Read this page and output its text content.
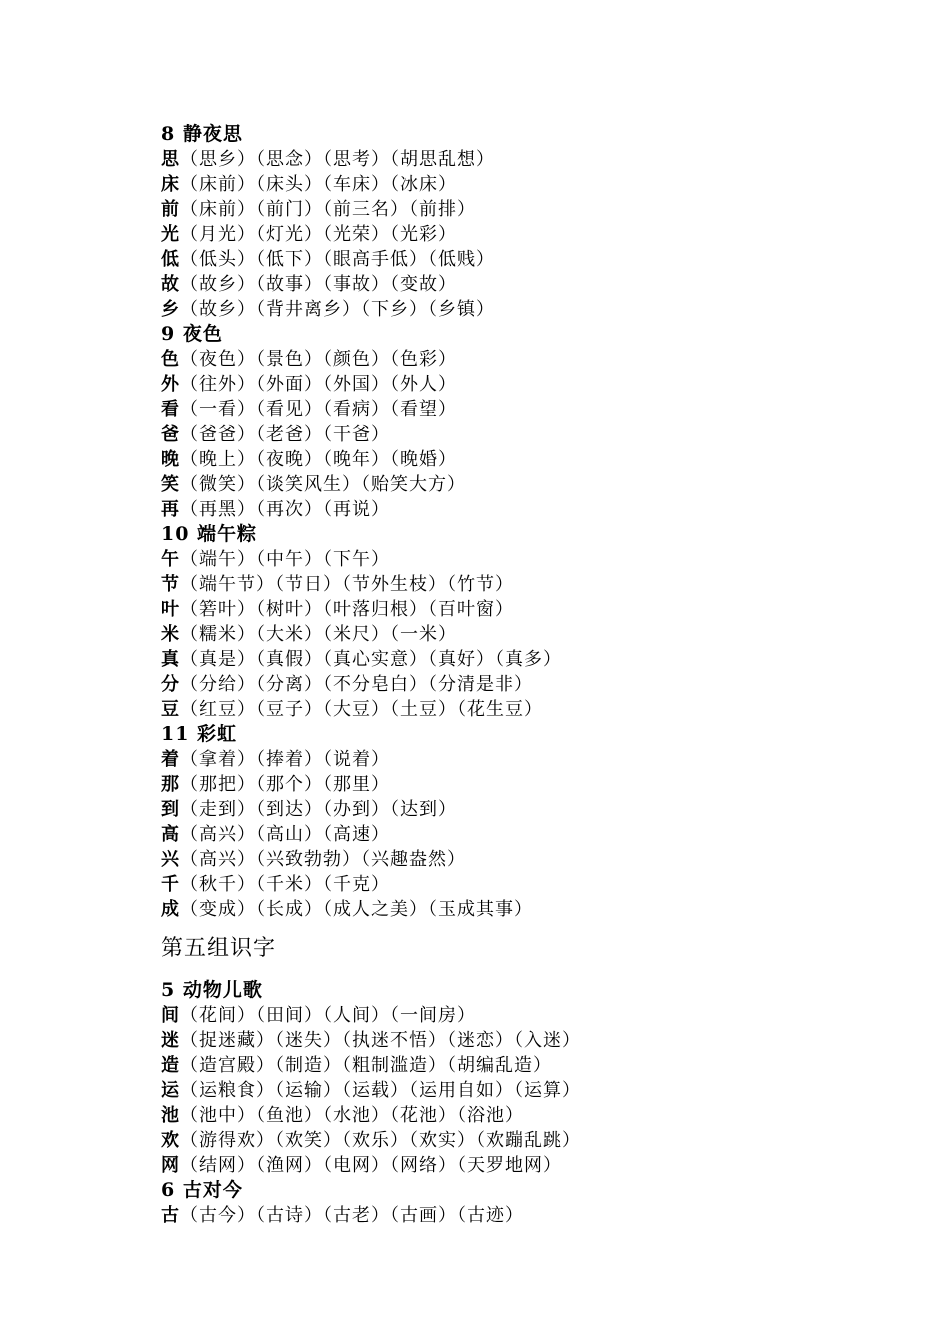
8 静夜思
思（思乡）（思念）（思考）（胡思乱想）
床（床前）（床头）（车床）（冰床）
前（床前）（前门）（前三名）（前排）
光（月光）（灯光）（光荣）（光彩）
低（低头）（低下）（眼高手低）（低贱）
故（故乡）（故事）（事故）（变故）
乡（故乡）（背井离乡）（下乡）（乡镇）
9 夜色
色（夜色）（景色）（颜色）（色彩）
外（往外）（外面）（外国）（外人）
看（一看）（看见）（看病）（看望）
爸（爸爸）（老爸）（干爸）
晚（晚上）（夜晚）（晚年）（晚婚）
笑（微笑）（谈笑风生）（贻笑大方）
再（再黑）（再次）（再说）
10 端午粽
午（端午）（中午）（下午）
节（端午节）（节日）（节外生枝）（竹节）
叶（箬叶）（树叶）（叶落归根）（百叶窗）
米（糯米）（大米）（米尺）（一米）
真（真是）（真假）（真心实意）（真好）（真多）
分（分给）（分离）（不分皂白）（分清是非）
豆（红豆）（豆子）（大豆）（土豆）（花生豆）
11 彩虹
着（拿着）（捧着）（说着）
那（那把）（那个）（那里）
到（走到）（到达）（办到）（达到）
高（高兴）（高山）（高速）
兴（高兴）（兴致勃勃）（兴趣盎然）
千（秋千）（千米）（千克）
成（变成）（长成）（成人之美）（玉成其事）
第五组识字
5 动物儿歌
间（花间）（田间）（人间）（一间房）
迷（捉迷藏）（迷失）（执迷不悟）（迷恋）（入迷）
造（造宫殿）（制造）（粗制滥造）（胡编乱造）
运（运粮食）（运输）（运载）（运用自如）（运算）
池（池中）（鱼池）（水池）（花池）（浴池）
欢（游得欢）（欢笑）（欢乐）（欢实）（欢蹦乱跳）
网（结网）（渔网）（电网）（网络）（天罗地网）
6 古对今
古（古今）（古诗）（古老）（古画）（古迹）
